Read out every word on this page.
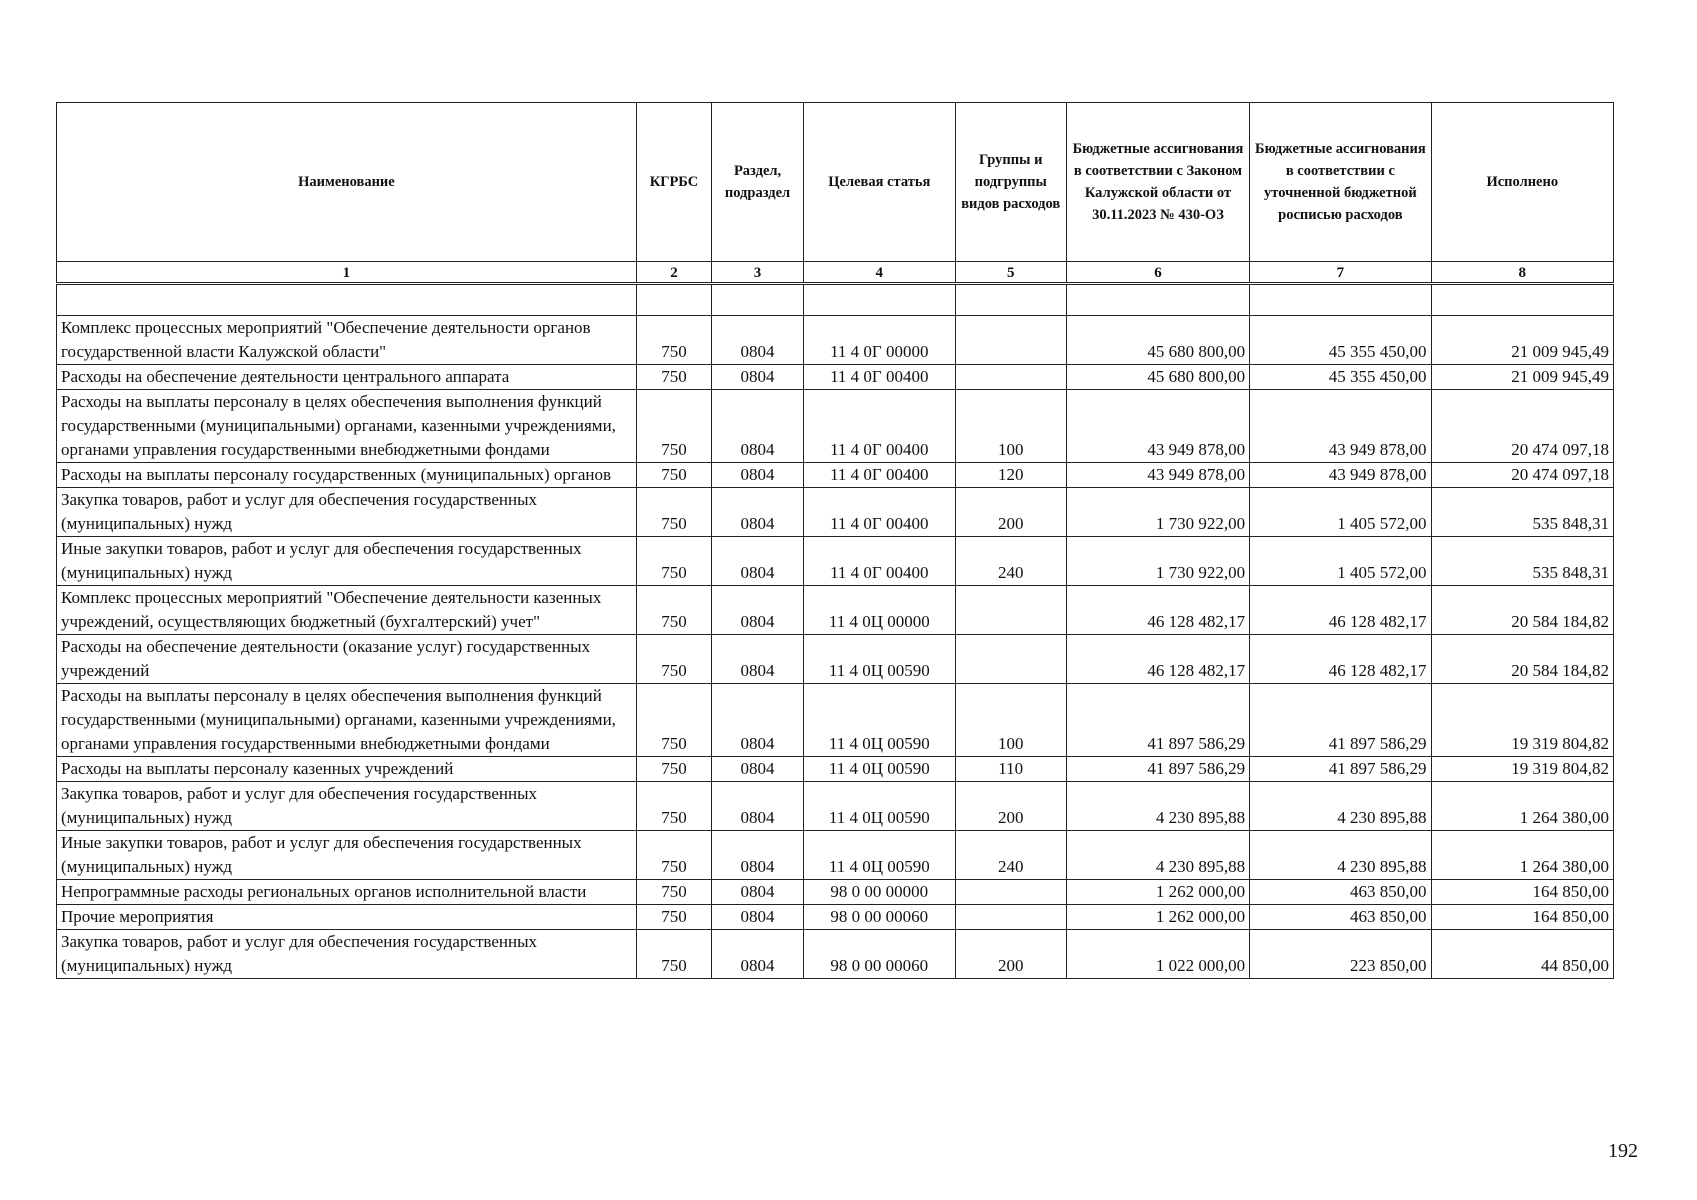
Наименование	КГРБС	Раздел, подраздел	Целевая статья	Группы и подгруппы видов расходов	Бюджетные ассигнования в соответствии с Законом Калужской области от 30.11.2023 № 430-ОЗ	Бюджетные ассигнования в соответствии с уточненной бюджетной росписью расходов	Исполнено
1	2	3	4	5	6	7	8

Комплекс процессных мероприятий "Обеспечение деятельности органов государственной власти Калужской области"	750	0804	11 4 0Г 00000		45 680 800,00	45 355 450,00	21 009 945,49
Расходы на обеспечение деятельности центрального аппарата	750	0804	11 4 0Г 00400		45 680 800,00	45 355 450,00	21 009 945,49
Расходы на выплаты персоналу в целях обеспечения выполнения функций государственными (муниципальными) органами, казенными учреждениями, органами управления государственными внебюджетными фондами	750	0804	11 4 0Г 00400	100	43 949 878,00	43 949 878,00	20 474 097,18
Расходы на выплаты персоналу государственных (муниципальных) органов	750	0804	11 4 0Г 00400	120	43 949 878,00	43 949 878,00	20 474 097,18
Закупка товаров, работ и услуг для обеспечения государственных (муниципальных) нужд	750	0804	11 4 0Г 00400	200	1 730 922,00	1 405 572,00	535 848,31
Иные закупки товаров, работ и услуг для обеспечения государственных (муниципальных) нужд	750	0804	11 4 0Г 00400	240	1 730 922,00	1 405 572,00	535 848,31
Комплекс процессных мероприятий "Обеспечение деятельности казенных учреждений, осуществляющих бюджетный (бухгалтерский) учет"	750	0804	11 4 0Ц 00000		46 128 482,17	46 128 482,17	20 584 184,82
Расходы на обеспечение деятельности (оказание услуг) государственных учреждений	750	0804	11 4 0Ц 00590		46 128 482,17	46 128 482,17	20 584 184,82
Расходы на выплаты персоналу в целях обеспечения выполнения функций государственными (муниципальными) органами, казенными учреждениями, органами управления государственными внебюджетными фондами	750	0804	11 4 0Ц 00590	100	41 897 586,29	41 897 586,29	19 319 804,82
Расходы на выплаты персоналу казенных учреждений	750	0804	11 4 0Ц 00590	110	41 897 586,29	41 897 586,29	19 319 804,82
Закупка товаров, работ и услуг для обеспечения государственных (муниципальных) нужд	750	0804	11 4 0Ц 00590	200	4 230 895,88	4 230 895,88	1 264 380,00
Иные закупки товаров, работ и услуг для обеспечения государственных (муниципальных) нужд	750	0804	11 4 0Ц 00590	240	4 230 895,88	4 230 895,88	1 264 380,00
Непрограммные расходы региональных органов исполнительной власти	750	0804	98 0 00 00000		1 262 000,00	463 850,00	164 850,00
Прочие мероприятия	750	0804	98 0 00 00060		1 262 000,00	463 850,00	164 850,00
Закупка товаров, работ и услуг для обеспечения государственных (муниципальных) нужд	750	0804	98 0 00 00060	200	1 022 000,00	223 850,00	44 850,00
192
